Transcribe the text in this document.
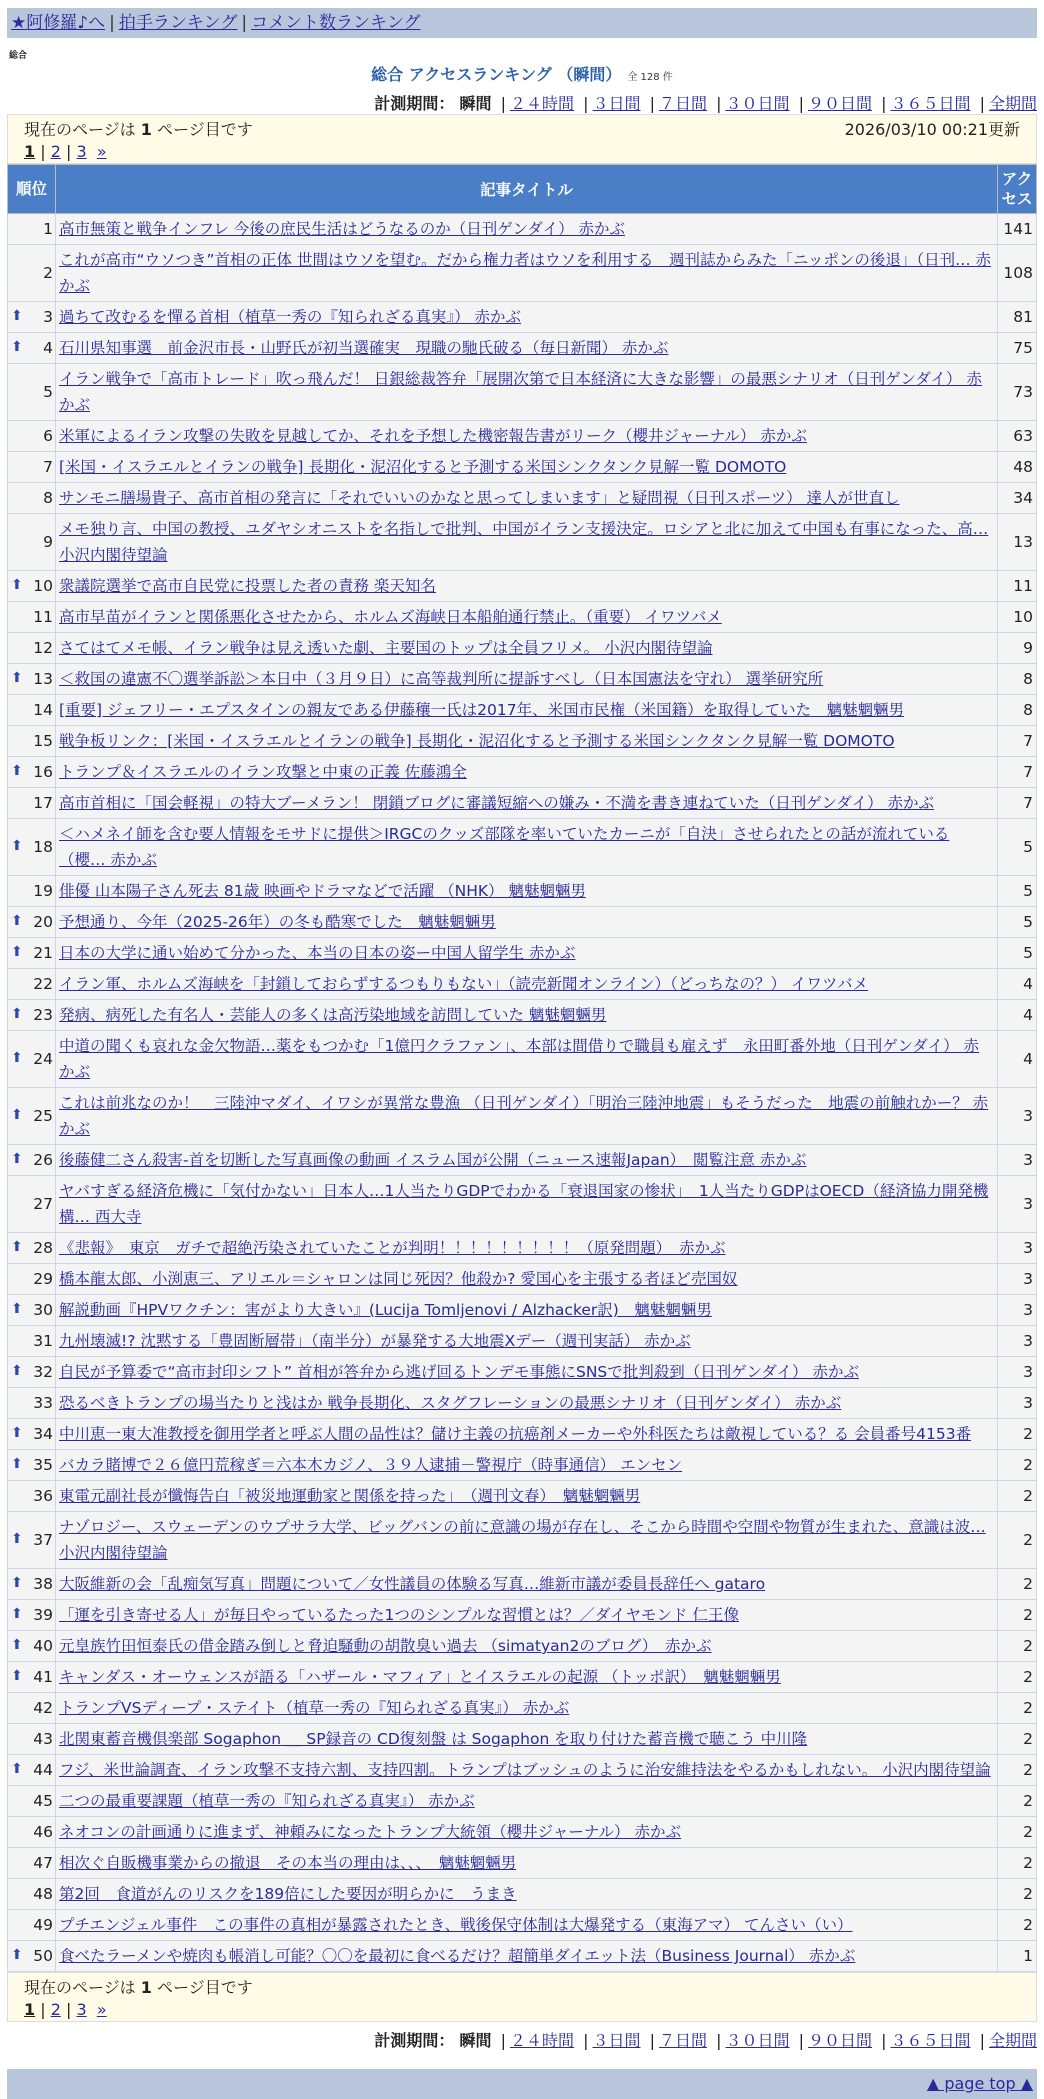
★阿修羅♪へ | 拍手ランキング | コメント数ランキング
総合
総合 アクセスランキング （瞬間） 全 128 件
計測期間： 瞬間 | ２４時間 | ３日間 | ７日間 | ３０日間 | ９０日間 | ３６５日間 | 全期間
現在のページは 1 ページ目です	2026/03/10 00:21更新
1 | 2 | 3 »
順位	記事タイトル	アクセス
1	高市無策と戦争インフレ 今後の庶民生活はどうなるのか（日刊ゲンダイ） 赤かぶ	141
2	これが高市“ウソつき”首相の正体 世間はウソを望む。だから権力者はウソを利用する　週刊誌からみた「ニッポンの後退」（日刊… 赤かぶ	108

⬆ 3	過ちて改むるを憚る首相（植草一秀の『知られざる真実』） 赤かぶ	81

⬆ 4	石川県知事選　前金沢市長・山野氏が初当選確実　現職の馳氏破る（毎日新聞） 赤かぶ	75
5	イラン戦争で「高市トレード」吹っ飛んだ！ 日銀総裁答弁「展開次第で日本経済に大きな影響」の最悪シナリオ（日刊ゲンダイ） 赤かぶ	73
6	米軍によるイラン攻撃の失敗を見越してか、それを予想した機密報告書がリーク（櫻井ジャーナル） 赤かぶ	63
7	[米国・イスラエルとイランの戦争] 長期化・泥沼化すると予測する米国シンクタンク見解一覧 DOMOTO	48
8	サンモニ膳場貴子、高市首相の発言に「それでいいのかなと思ってしまいます」と疑問視（日刊スポーツ） 達人が世直し	34
9	メモ独り言、中国の教授、ユダヤシオニストを名指しで批判、中国がイラン支援決定。ロシアと北に加えて中国も有事になった、高… 小沢内閣待望論	13

⬆ 10	衆議院選挙で高市自民党に投票した者の責務 楽天知名	11
11	高市早苗がイランと関係悪化させたから、ホルムズ海峡日本船舶通行禁止。（重要） イワツバメ	10
12	さてはてメモ帳、イラン戦争は見え透いた劇、主要国のトップは全員フリメ。 小沢内閣待望論	9

⬆ 13	＜救国の違憲不〇選挙訴訟＞本日中（３月９日）に高等裁判所に提訴すべし（日本国憲法を守れ） 選挙研究所	8
14	[重要] ジェフリー・エプスタインの親友である伊藤穰一氏は2017年、米国市民権（米国籍）を取得していた　魑魅魍魎男	8
15	戦争板リンク：[米国・イスラエルとイランの戦争] 長期化・泥沼化すると予測する米国シンクタンク見解一覧 DOMOTO	7

⬆ 16	トランプ＆イスラエルのイラン攻撃と中東の正義 佐藤鴻全	7
17	高市首相に「国会軽視」の特大ブーメラン！ 閉鎖ブログに審議短縮への嫌み・不満を書き連ねていた（日刊ゲンダイ） 赤かぶ	7

⬆ 18	＜ハメネイ師を含む要人情報をモサドに提供＞IRGCのクッズ部隊を率いていたカーニが「自決」させられたとの話が流れている（櫻… 赤かぶ	5
19	俳優 山本陽子さん死去 81歳 映画やドラマなどで活躍 （NHK） 魑魅魍魎男	5

⬆ 20	予想通り、今年（2025-26年）の冬も酷寒でした　魑魅魍魎男	5

⬆ 21	日本の大学に通い始めて分かった、本当の日本の姿ー中国人留学生 赤かぶ	5
22	イラン軍、ホルムズ海峡を「封鎖しておらずするつもりもない」（読売新聞オンライン）（どっちなの？） イワツバメ	4

⬆ 23	発病、病死した有名人・芸能人の多くは高汚染地域を訪問していた 魑魅魍魎男	4

⬆ 24	中道の聞くも哀れな金欠物語…薬をもつかむ「1億円クラファン」、本部は間借りで職員も雇えず　永田町番外地（日刊ゲンダイ） 赤かぶ	4

⬆ 25	これは前兆なのか！　三陸沖マダイ、イワシが異常な豊漁 （日刊ゲンダイ）「明治三陸沖地震」もそうだった　地震の前触れかー？ 赤かぶ	3

⬆ 26	後藤健二さん殺害-首を切断した写真画像の動画 イスラム国が公開（ニュース速報Japan）　閲覧注意 赤かぶ	3
27	ヤバすぎる経済危機に「気付かない」日本人…1人当たりGDPでわかる「衰退国家の惨状」　1人当たりGDPはOECD（経済協力開発機構… 西大寺	3

⬆ 28	《悲報》　東京　ガチで超絶汚染されていたことが判明！！！！！！！！！（原発問題）　赤かぶ	3
29	橋本龍太郎、小渕恵三、アリエル＝シャロンは同じ死因？他殺か? 愛国心を主張する者ほど売国奴	3

⬆ 30	解説動画『HPVワクチン：害がより大きい』(Lucija Tomljenovi / Alzhacker訳)　魑魅魍魎男	3
31	九州壊滅!? 沈黙する「豊固断層帯」（南半分）が暴発する大地震Xデー（週刊実話） 赤かぶ	3

⬆ 32	自民が予算委で“高市封印シフト” 首相が答弁から逃げ回るトンデモ事態にSNSで批判殺到（日刊ゲンダイ） 赤かぶ	3
33	恐るべきトランプの場当たりと浅はか 戦争長期化、スタグフレーションの最悪シナリオ（日刊ゲンダイ） 赤かぶ	3

⬆ 34	中川恵一東大准教授を御用学者と呼ぶ人間の品性は？儲け主義の抗癌剤メーカーや外科医たちは敵視している？る 会員番号4153番	2

⬆ 35	バカラ賭博で２６億円荒稼ぎ＝六本木カジノ、３９人逮捕－警視庁（時事通信） エンセン	2
36	東電元副社長が懺悔告白「被災地運動家と関係を持った」　（週刊文春）　魑魅魍魎男	2

⬆ 37	ナゾロジー、スウェーデンのウプサラ大学、ビッグバンの前に意識の場が存在し、そこから時間や空間や物質が生まれた、意識は波… 小沢内閣待望論	2

⬆ 38	大阪維新の会「乱痴気写真」問題について／女性議員の体験る写真…維新市議が委員長辞任へ gataro	2

⬆ 39	「運を引き寄せる人」が毎日やっているたった1つのシンプルな習慣とは？／ダイヤモンド 仁王像	2

⬆ 40	元皇族竹田恒泰氏の借金踏み倒しと脅迫騒動の胡散臭い過去 （simatyan2のブログ）　赤かぶ	2

⬆ 41	キャンダス・オーウェンスが語る「ハザール・マフィア」とイスラエルの起源 （トッポ訳）　魑魅魍魎男	2
42	トランプVSディープ・ステイト（植草一秀の『知られざる真実』） 赤かぶ	2
43	北関東蓄音機倶楽部 Sogaphon ＿ SP録音の CD復刻盤 は Sogaphon を取り付けた蓄音機で聴こう 中川隆	2

⬆ 44	フジ、米世論調査、イラン攻撃不支持六割、支持四割。トランプはブッシュのように治安維持法をやるかもしれない。 小沢内閣待望論	2
45	二つの最重要課題（植草一秀の『知られざる真実』） 赤かぶ	2
46	ネオコンの計画通りに進まず、神頼みになったトランプ大統領（櫻井ジャーナル） 赤かぶ	2
47	相次ぐ自販機事業からの撤退　その本当の理由は、、、　魑魅魍魎男	2
48	第2回　食道がんのリスクを189倍にした要因が明らかに　うまき	2
49	プチエンジェル事件　この事件の真相が暴露されたとき、戦後保守体制は大爆発する（東海アマ） てんさい（い）	2

⬆ 50	食べたラーメンや焼肉も帳消し可能？〇〇を最初に食べるだけ？超簡単ダイエット法（Business Journal） 赤かぶ	1
現在のページは 1 ページ目です
1 | 2 | 3 »
計測期間： 瞬間 | ２４時間 | ３日間 | ７日間 | ３０日間 | ９０日間 | ３６５日間 | 全期間
▲ page top ▲
